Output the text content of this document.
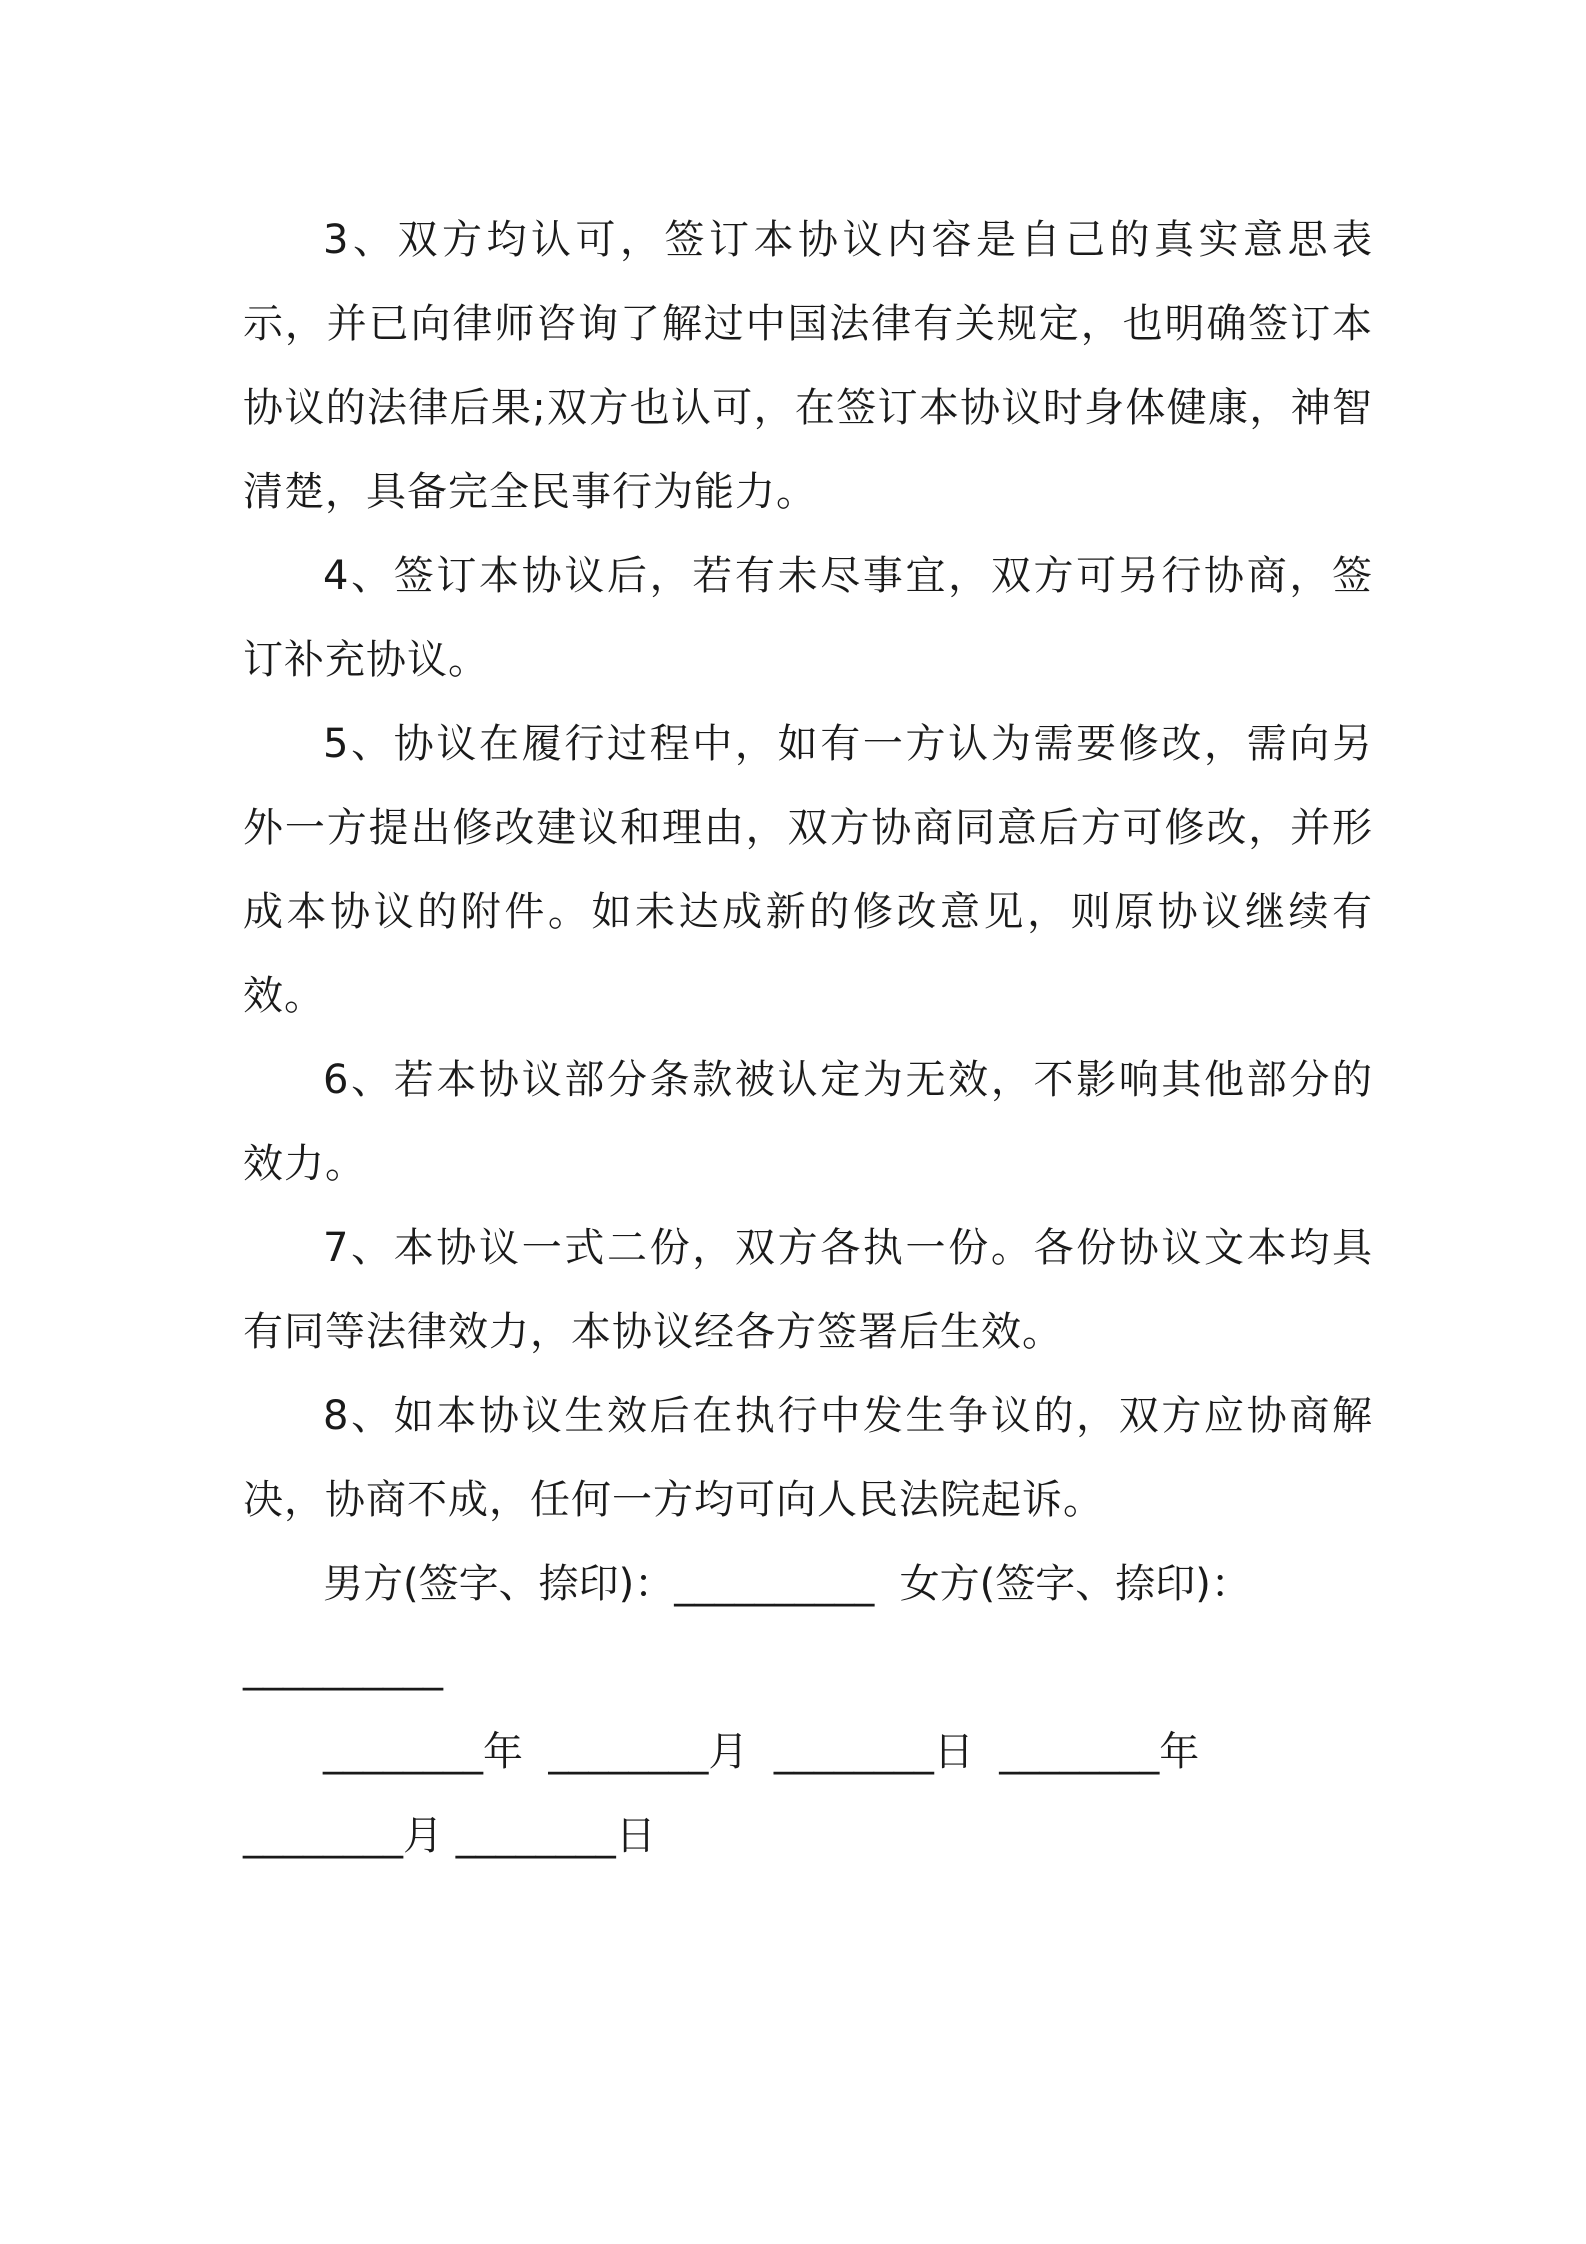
3、双方均认可，签订本协议内容是自己的真实意思表示，并已向律师咨询了解过中国法律有关规定，也明确签订本协议的法律后果;双方也认可，在签订本协议时身体健康，神智清楚，具备完全民事行为能力。

4、签订本协议后，若有未尽事宜，双方可另行协商，签订补充协议。

5、协议在履行过程中，如有一方认为需要修改，需向另外一方提出修改建议和理由，双方协商同意后方可修改，并形成本协议的附件。如未达成新的修改意见，则原协议继续有效。

6、若本协议部分条款被认定为无效，不影响其他部分的效力。

7、本协议一式二份，双方各执一份。各份协议文本均具有同等法律效力，本协议经各方签署后生效。

8、如本协议生效后在执行中发生争议的，双方应协商解决，协商不成，任何一方均可向人民法院起诉。

男方(签字、捺印)：__________  女方(签字、捺印)：

__________

________年  ________月  ________日  ________年

________月 ________日
